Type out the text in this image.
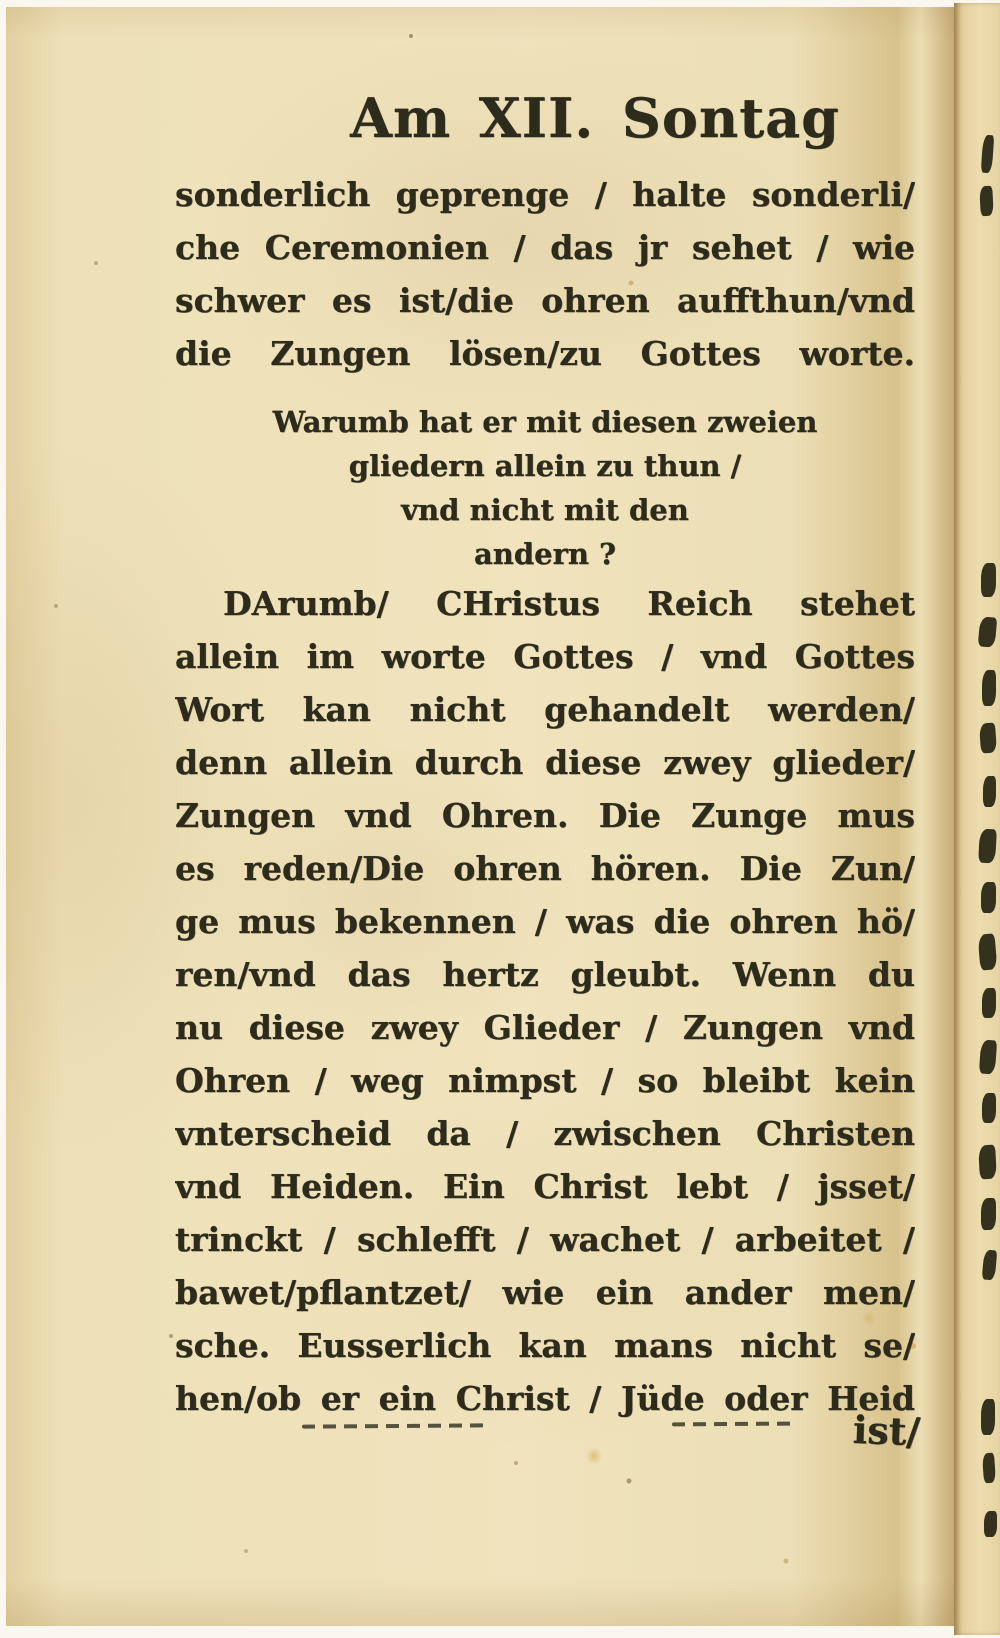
Am XII. Sontag
sonderlich geprenge / halte sonderli/
che Ceremonien / das jr sehet / wie
schwer es ist/die ohren auffthun/vnd
die Zungen lösen/zu Gottes worte.
Warumb hat er mit diesen zweien
gliedern allein zu thun /
vnd nicht mit den
andern ?
DArumb/ CHristus Reich stehet
allein im worte Gottes / vnd Gottes
Wort kan nicht gehandelt werden/
denn allein durch diese zwey glieder/
Zungen vnd Ohren. Die Zunge mus
es reden/Die ohren hören. Die Zun/
ge mus bekennen / was die ohren hö/
ren/vnd das hertz gleubt. Wenn du
nu diese zwey Glieder / Zungen vnd
Ohren / weg nimpst / so bleibt kein
vnterscheid da / zwischen Christen
vnd Heiden. Ein Christ lebt / jsset/
trinckt / schlefft / wachet / arbeitet /
bawet/pflantzet/ wie ein ander men/
sche. Eusserlich kan mans nicht se/
hen/ob er ein Christ / Jüde oder Heid
ist/
